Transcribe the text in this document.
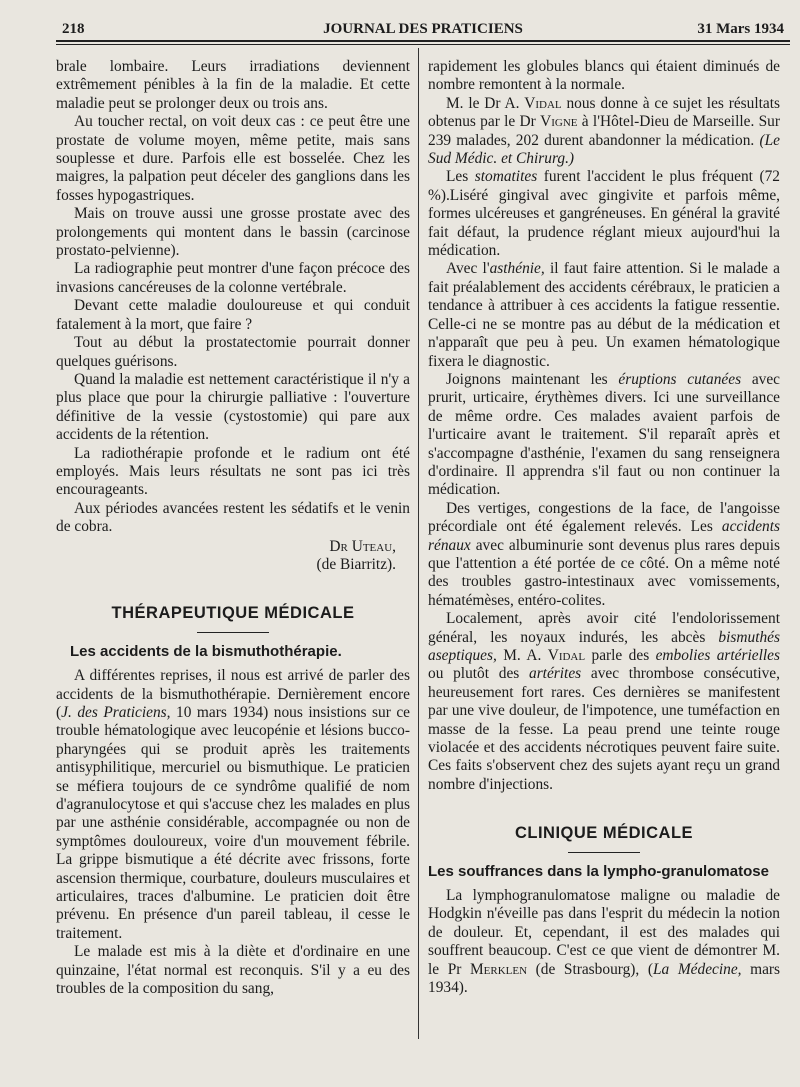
218	JOURNAL DES PRATICIENS	31 Mars 1934

brale lombaire. Leurs irradiations deviennent extrêmement pénibles à la fin de la maladie. Et cette maladie peut se prolonger deux ou trois ans.

Au toucher rectal, on voit deux cas : ce peut être une prostate de volume moyen, même petite, mais sans souplesse et dure. Parfois elle est bosselée. Chez les maigres, la palpation peut déceler des ganglions dans les fosses hypogastriques.

Mais on trouve aussi une grosse prostate avec des prolongements qui montent dans le bassin (carcinose prostato-pelvienne).

La radiographie peut montrer d'une façon précoce des invasions cancéreuses de la colonne vertébrale.

Devant cette maladie douloureuse et qui conduit fatalement à la mort, que faire ?

Tout au début la prostatectomie pourrait donner quelques guérisons.

Quand la maladie est nettement caractéristique il n'y a plus place que pour la chirurgie palliative : l'ouverture définitive de la vessie (cystostomie) qui pare aux accidents de la rétention.

La radiothérapie profonde et le radium ont été employés. Mais leurs résultats ne sont pas ici très encourageants.

Aux périodes avancées restent les sédatifs et le venin de cobra.

Dr Uteau,

(de Biarritz).

THÉRAPEUTIQUE MÉDICALE
Les accidents de la bismuthothérapie.

A différentes reprises, il nous est arrivé de parler des accidents de la bismuthothérapie. Dernièrement encore (J. des Praticiens, 10 mars 1934) nous insistions sur ce trouble hématologique avec leucopénie et lésions bucco-pharyngées qui se produit après les traitements antisyphilitique, mercuriel ou bismuthique. Le praticien se méfiera toujours de ce syndrôme qualifié de nom d'agranulocytose et qui s'accuse chez les malades en plus par une asthénie considérable, accompagnée ou non de symptômes douloureux, voire d'un mouvement fébrile. La grippe bismutique a été décrite avec frissons, forte ascension thermique, courbature, douleurs musculaires et articulaires, traces d'albumine. Le praticien doit être prévenu. En présence d'un pareil tableau, il cesse le traitement.

Le malade est mis à la diète et d'ordinaire en une quinzaine, l'état normal est reconquis. S'il y a eu des troubles de la composition du sang,

rapidement les globules blancs qui étaient diminués de nombre remontent à la normale.

M. le Dr A. Vidal nous donne à ce sujet les résultats obtenus par le Dr Vigne à l'Hôtel-Dieu de Marseille. Sur 239 malades, 202 durent abandonner la médication. (Le Sud Médic. et Chirurg.)

Les stomatites furent l'accident le plus fréquent (72 %).Liséré gingival avec gingivite et parfois même, formes ulcéreuses et gangréneuses. En général la gravité fait défaut, la prudence réglant mieux aujourd'hui la médication.

Avec l'asthénie, il faut faire attention. Si le malade a fait préalablement des accidents cérébraux, le praticien a tendance à attribuer à ces accidents la fatigue ressentie. Celle-ci ne se montre pas au début de la médication et n'apparaît que peu à peu. Un examen hématologique fixera le diagnostic.

Joignons maintenant les éruptions cutanées avec prurit, urticaire, érythèmes divers. Ici une surveillance de même ordre. Ces malades avaient parfois de l'urticaire avant le traitement. S'il reparaît après et s'accompagne d'asthénie, l'examen du sang renseignera d'ordinaire. Il apprendra s'il faut ou non continuer la médication.

Des vertiges, congestions de la face, de l'angoisse précordiale ont été également relevés. Les accidents rénaux avec albuminurie sont devenus plus rares depuis que l'attention a été portée de ce côté. On a même noté des troubles gastro-intestinaux avec vomissements, hématémèses, entéro-colites.

Localement, après avoir cité l'endolorissement général, les noyaux indurés, les abcès bismuthés aseptiques, M. A. Vidal parle des embolies artérielles ou plutôt des artérites avec thrombose consécutive, heureusement fort rares. Ces dernières se manifestent par une vive douleur, de l'impotence, une tuméfaction en masse de la fesse. La peau prend une teinte rouge violacée et des accidents nécrotiques peuvent faire suite. Ces faits s'observent chez des sujets ayant reçu un grand nombre d'injections.

CLINIQUE MÉDICALE
Les souffrances dans la lympho-granulomatose

La lymphogranulomatose maligne ou maladie de Hodgkin n'éveille pas dans l'esprit du médecin la notion de douleur. Et, cependant, il est des malades qui souffrent beaucoup. C'est ce que vient de démontrer M. le Pr Merklen (de Strasbourg), (La Médecine, mars 1934).
